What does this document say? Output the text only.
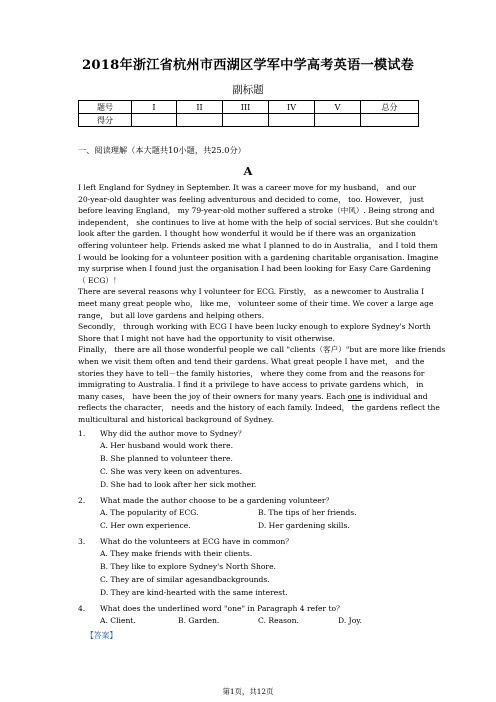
2018年浙江省杭州市西湖区学军中学高考英语一模试卷
副标题
题号	I	II	III	IV	V	总分
得分						
一、阅读理解（本大题共10小题，共25.0分）
A

I left England for Sydney in September. It was a career move for my husband， and our

20-year-old daughter was feeling adventurous and decided to come， too. However， just

before leaving England， my 79-year-old mother suffered a stroke（中风）. Being strong and

independent， she continues to live at home with the help of social services. But she couldn't

look after the garden. I thought how wonderful it would be if there was an organization

offering volunteer help. Friends asked me what I planned to do in Australia， and I told them

I would be looking for a volunteer position with a gardening charitable organisation. Imagine

my surprise when I found just the organisation I had been looking for Easy Care Gardening

（ ECG）！

There are several reasons why I volunteer for ECG. Firstly， as a newcomer to Australia I

meet many great people who， like me， volunteer some of their time. We cover a large age

range， but all love gardens and helping others.

Secondly， through working with ECG I have been lucky enough to explore Sydney's North

Shore that I might not have had the opportunity to visit otherwise.

Finally， there are all those wonderful people we call "clients（客户）"but are more like friends

when we visit them often and tend their gardens. What great people I have met， and the

stories they have to tell－the family histories， where they come from and the reasons for

immigrating to Australia. I find it a privilege to have access to private gardens which， in

many cases， have been the joy of their owners for many years. Each one is individual and

reflects the character， needs and the history of each family. Indeed， the gardens reflect the

multicultural and historical background of Sydney.

1. Why did the author move to Sydney？
A. Her husband would work there.
B. She planned to volunteer there.
C. She was very keen on adventures.
D. She had to look after her sick mother.
2. What made the author choose to be a gardening volunteer？
A. The popularity of ECG.	B. The tips of her friends.
C. Her own experience.	D. Her gardening skills.
3. What do the volunteers at ECG have in common？
A. They make friends with their clients.
B. They like to explore Sydney's North Shore.
C. They are of similar agesandbackgrounds.
D. They are kind-hearted with the same interest.
4. What does the underlined word "one" in Paragraph 4 refer to？
A. Client.	B. Garden.	C. Reason.	D. Joy.
【答案】
第1页，共12页
